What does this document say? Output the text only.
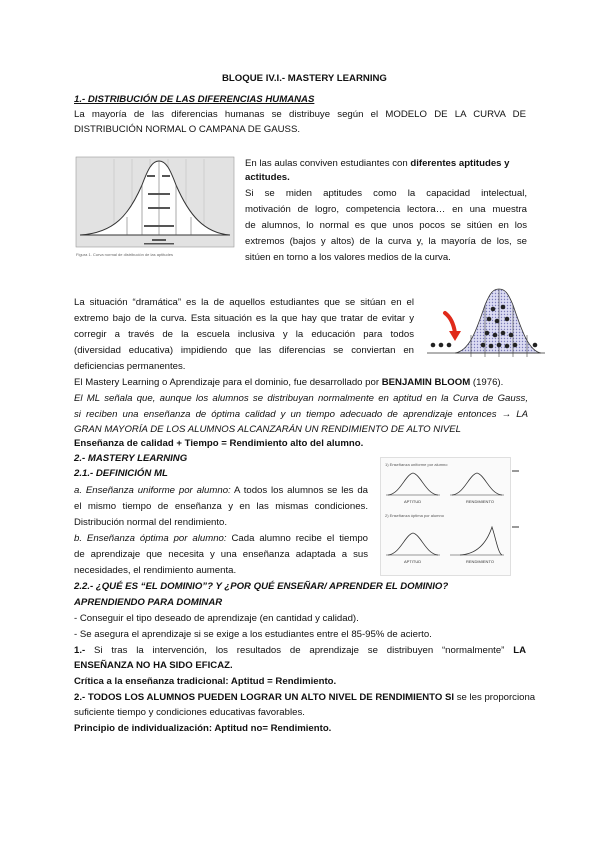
BLOQUE IV.I.- MASTERY LEARNING
1.- DISTRIBUCIÓN DE LAS DIFERENCIAS HUMANAS
La mayoría de las diferencias humanas se distribuye según el MODELO DE LA CURVA DE
DISTRIBUCIÓN NORMAL O CAMPANA DE GAUSS.
Figura 1. Curva normal de distribución de las aptitudes
En las aulas conviven estudiantes con diferentes aptitudes y
actitudes.
Si se miden aptitudes como la capacidad intelectual,
motivación de logro, competencia lectora… en una muestra
de alumnos, lo normal es que unos pocos se sitúen en los
extremos (bajos y altos) de la curva y, la mayoría de los, se
sitúen en torno a los valores medios de la curva.
La situación “dramática” es la de aquellos estudiantes que se sitúan en el
extremo bajo de la curva. Esta situación es la que hay que tratar de evitar y
corregir a través de la escuela inclusiva y la educación para todos
(diversidad educativa) impidiendo que las diferencias se conviertan en
deficiencias permanentes.
El Mastery Learning o Aprendizaje para el dominio, fue desarrollado por BENJAMIN BLOOM (1976).
El ML señala que, aunque los alumnos se distribuyan normalmente en aptitud en la Curva de Gauss,
si reciben una enseñanza de óptima calidad y un tiempo adecuado de aprendizaje entonces → LA
GRAN MAYORÍA DE LOS ALUMNOS ALCANZARÁN UN RENDIMIENTO DE ALTO NIVEL
Enseñanza de calidad + Tiempo = Rendimiento alto del alumno.
2.- MASTERY LEARNING
2.1.- DEFINICIÓN ML
a. Enseñanza uniforme por alumno: A todos los alumnos se les da
el mismo tiempo de enseñanza y en las mismas condiciones.
Distribución normal del rendimiento.
b. Enseñanza óptima por alumno: Cada alumno recibe el tiempo
de aprendizaje que necesita y una enseñanza adaptada a sus
necesidades, el rendimiento aumenta.
1) Enseñanza uniforme por alumno
APTITUD	RENDIMIENTO
2) Enseñanza óptima por alumno
APTITUD	RENDIMIENTO
2.2.- ¿QUÉ ES “EL DOMINIO”? Y ¿POR QUÉ ENSEÑAR/ APRENDER EL DOMINIO?
APRENDIENDO PARA DOMINAR
- Conseguir el tipo deseado de aprendizaje (en cantidad y calidad).
- Se asegura el aprendizaje si se exige a los estudiantes entre el 85-95% de acierto.
1.- Si tras la intervención, los resultados de aprendizaje se distribuyen “normalmente” LA
ENSEÑANZA NO HA SIDO EFICAZ.
Crítica a la enseñanza tradicional: Aptitud = Rendimiento.
2.- TODOS LOS ALUMNOS PUEDEN LOGRAR UN ALTO NIVEL DE RENDIMIENTO SI se les proporciona
suficiente tiempo y condiciones educativas favorables.
Principio de individualización: Aptitud no= Rendimiento.
